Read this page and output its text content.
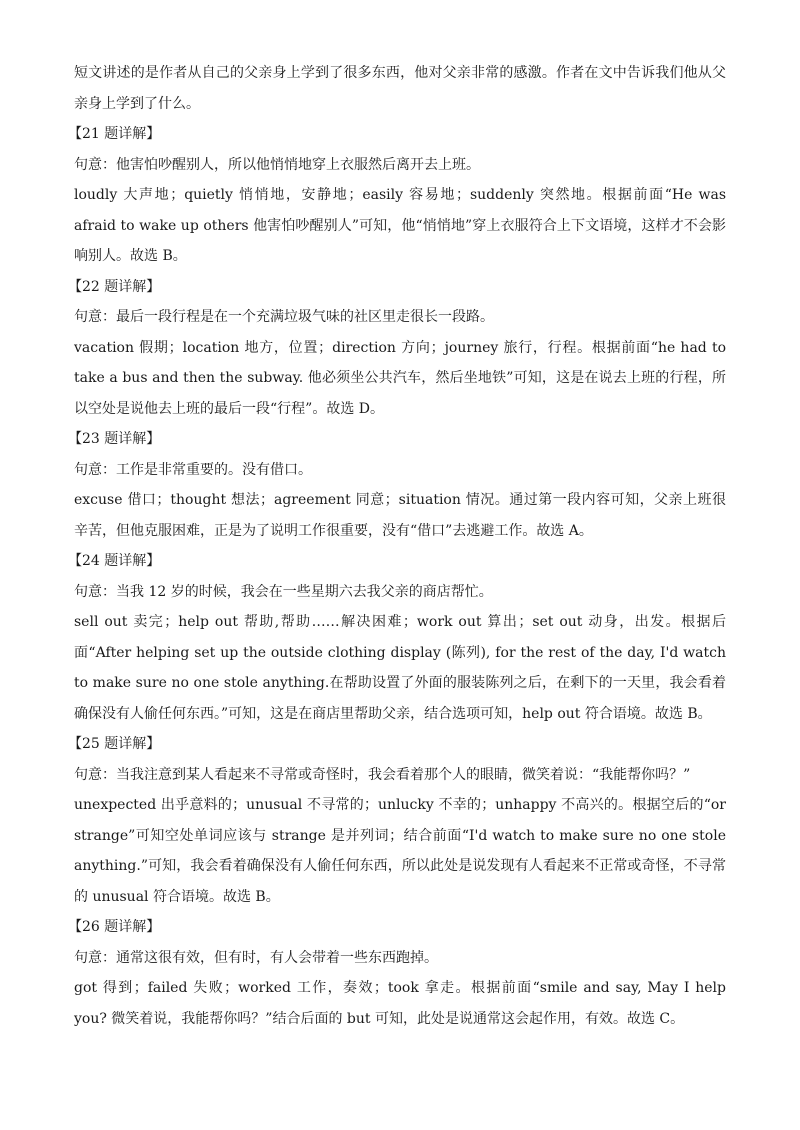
短文讲述的是作者从自己的父亲身上学到了很多东西，他对父亲非常的感激。作者在文中告诉我们他从父亲身上学到了什么。

【21 题详解】

句意：他害怕吵醒别人，所以他悄悄地穿上衣服然后离开去上班。

loudly 大声地；quietly 悄悄地，安静地；easily 容易地；suddenly 突然地。根据前面“He was afraid to wake up others 他害怕吵醒别人”可知，他“悄悄地”穿上衣服符合上下文语境，这样才不会影响别人。故选 B。

【22 题详解】

句意：最后一段行程是在一个充满垃圾气味的社区里走很长一段路。

vacation 假期；location 地方，位置；direction 方向；journey 旅行，行程。根据前面“he had to take a bus and then the subway. 他必须坐公共汽车，然后坐地铁”可知，这是在说去上班的行程，所以空处是说他去上班的最后一段“行程”。故选 D。

【23 题详解】

句意：工作是非常重要的。没有借口。

excuse 借口；thought 想法；agreement 同意；situation 情况。通过第一段内容可知，父亲上班很辛苦，但他克服困难，正是为了说明工作很重要，没有“借口”去逃避工作。故选 A。

【24 题详解】

句意：当我 12 岁的时候，我会在一些星期六去我父亲的商店帮忙。

sell out 卖完；help out 帮助,帮助……解决困难；work out 算出；set out 动身，出发。根据后面“After helping set up the outside clothing display (陈列), for the rest of the day, I'd watch to make sure no one stole anything.在帮助设置了外面的服装陈列之后，在剩下的一天里，我会看着确保没有人偷任何东西。”可知，这是在商店里帮助父亲，结合选项可知，help out 符合语境。故选 B。

【25 题详解】

句意：当我注意到某人看起来不寻常或奇怪时，我会看着那个人的眼睛，微笑着说：“我能帮你吗？”

unexpected 出乎意料的；unusual 不寻常的；unlucky 不幸的；unhappy 不高兴的。根据空后的“or strange”可知空处单词应该与 strange 是并列词；结合前面“I'd watch to make sure no one stole anything.”可知，我会看着确保没有人偷任何东西，所以此处是说发现有人看起来不正常或奇怪，不寻常的 unusual 符合语境。故选 B。

【26 题详解】

句意：通常这很有效，但有时，有人会带着一些东西跑掉。

got 得到；failed 失败；worked 工作，奏效；took 拿走。根据前面“smile and say, May I help you? 微笑着说，我能帮你吗？”结合后面的 but 可知，此处是说通常这会起作用，有效。故选 C。
